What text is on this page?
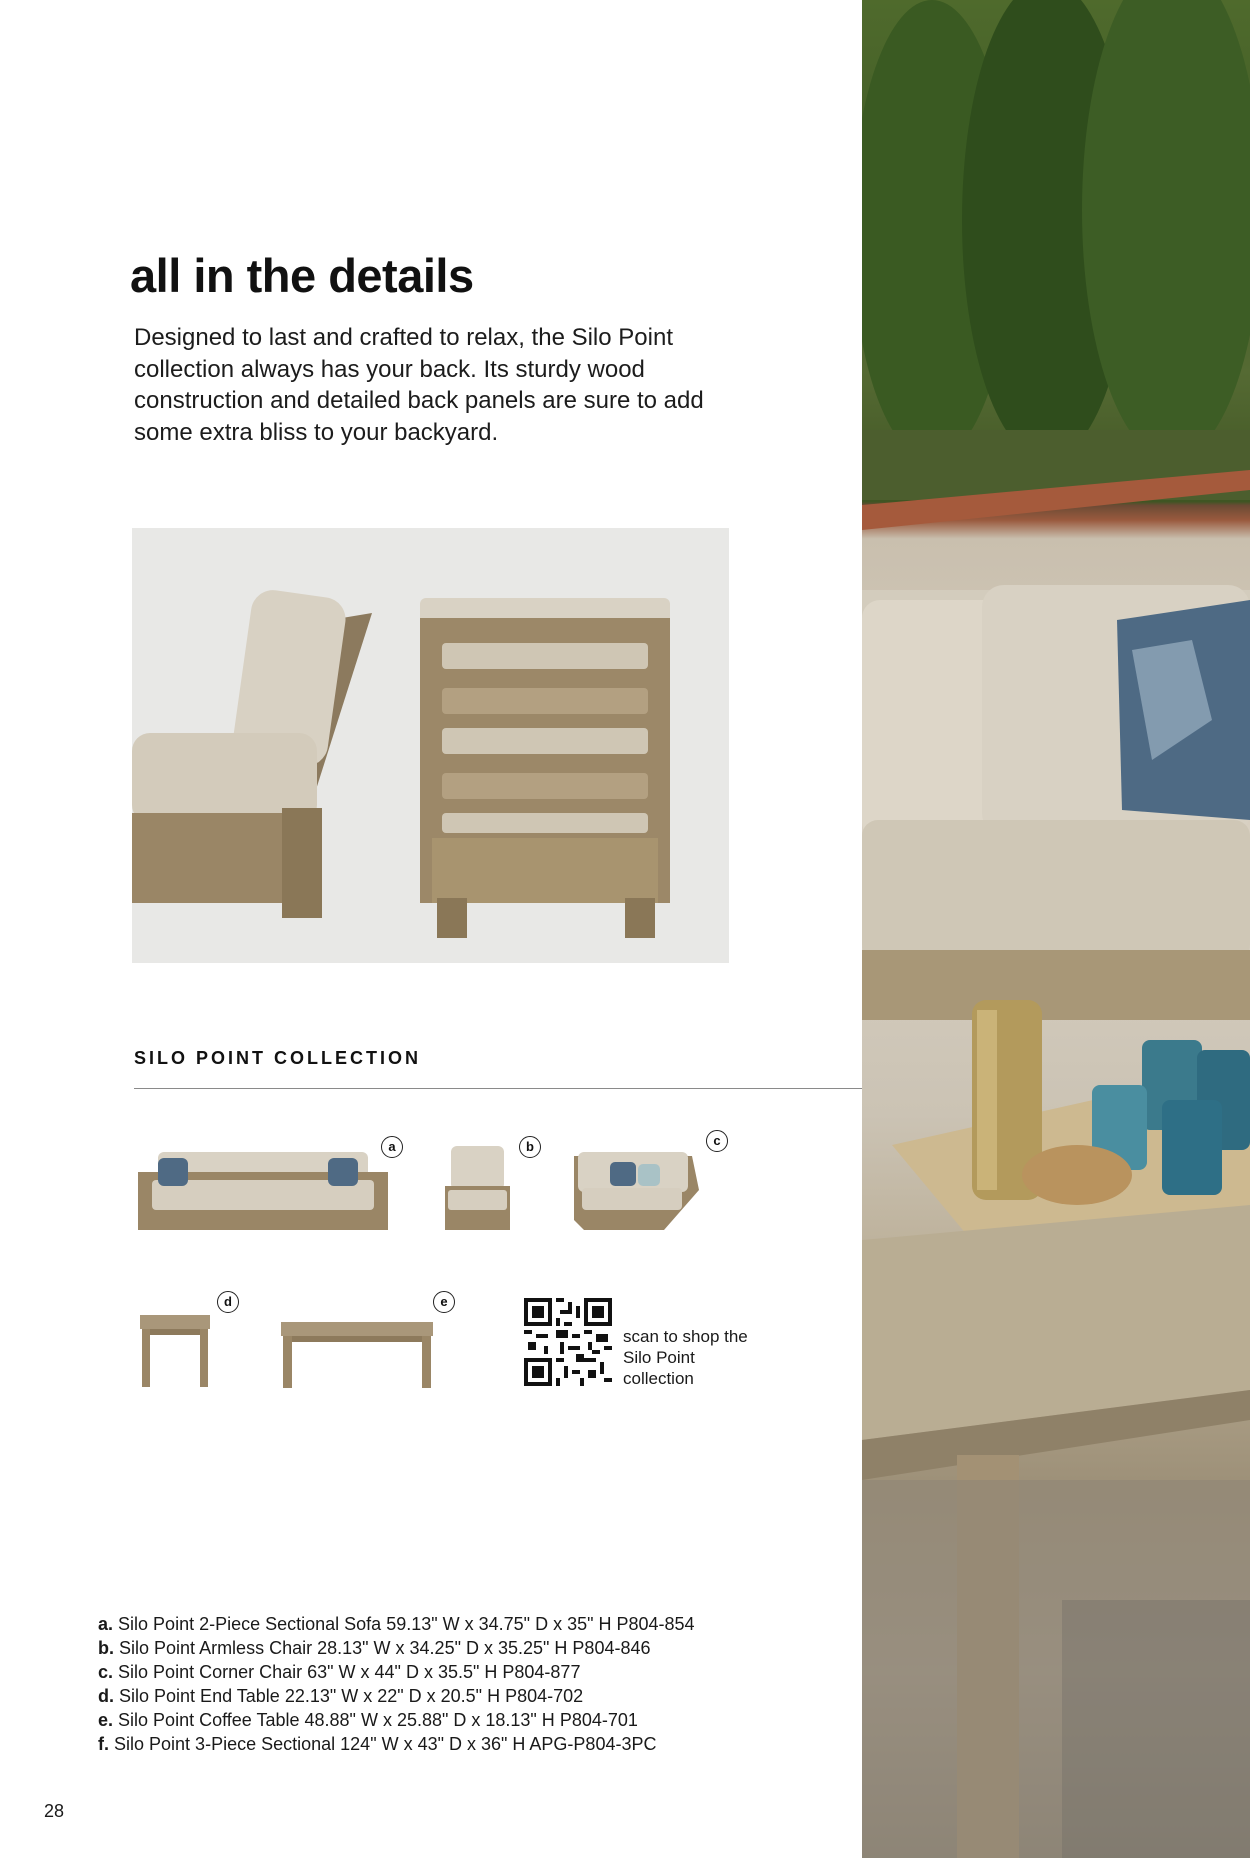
all in the details

Designed to last and crafted to relax, the Silo Point collection always has your back. Its sturdy wood construction and detailed back panels are sure to add some extra bliss to your backyard.

SILO POINT COLLECTION
a	b	c
d	e

scan to shop the Silo Point collection

a. Silo Point 2-Piece Sectional Sofa 59.13" W x 34.75" D x 35" H P804-854
b. Silo Point Armless Chair 28.13" W x 34.25" D x 35.25" H P804-846
c. Silo Point Corner Chair 63" W x 44" D x 35.5" H P804-877
d. Silo Point End Table 22.13" W x 22" D x 20.5" H P804-702
e. Silo Point Coffee Table 48.88" W x 25.88" D x 18.13" H P804-701
f. Silo Point 3-Piece Sectional 124" W x 43" D x 36" H APG-P804-3PC
28
